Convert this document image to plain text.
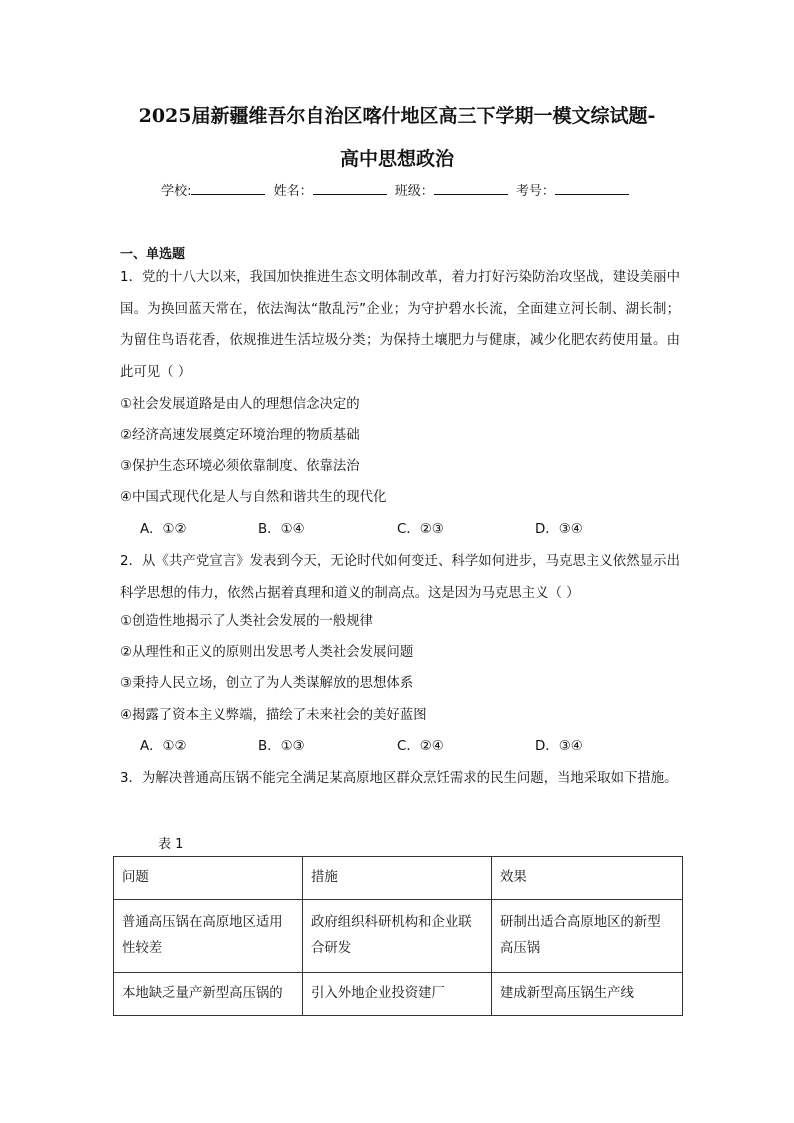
2025届新疆维吾尔自治区喀什地区高三下学期一模文综试题-
高中思想政治
学校:	姓名：	班级：	考号：
一、单选题

1．党的十八大以来，我国加快推进生态文明体制改革，着力打好污染防治攻坚战，建设美丽中国。为换回蓝天常在，依法淘汰“散乱污”企业；为守护碧水长流，全面建立河长制、湖长制；为留住鸟语花香，依规推进生活垃圾分类；为保持土壤肥力与健康，减少化肥农药使用量。由此可见（ ）

①社会发展道路是由人的理想信念决定的
②经济高速发展奠定环境治理的物质基础
③保护生态环境必须依靠制度、依靠法治
④中国式现代化是人与自然和谐共生的现代化
A．①②	B．①④	C．②③	D．③④

2．从《共产党宣言》发表到今天，无论时代如何变迁、科学如何进步，马克思主义依然显示出科学思想的伟力，依然占据着真理和道义的制高点。这是因为马克思主义（ ）

①创造性地揭示了人类社会发展的一般规律
②从理性和正义的原则出发思考人类社会发展问题
③秉持人民立场，创立了为人类谋解放的思想体系
④揭露了资本主义弊端，描绘了未来社会的美好蓝图
A．①②	B．①③	C．②④	D．③④

3．为解决普通高压锅不能完全满足某高原地区群众烹饪需求的民生问题，当地采取如下措施。

表 1
问题	措施	效果
普通高压锅在高原地区适用性较差	政府组织科研机构和企业联合研发	研制出适合高原地区的新型高压锅
本地缺乏量产新型高压锅的	引入外地企业投资建厂	建成新型高压锅生产线
